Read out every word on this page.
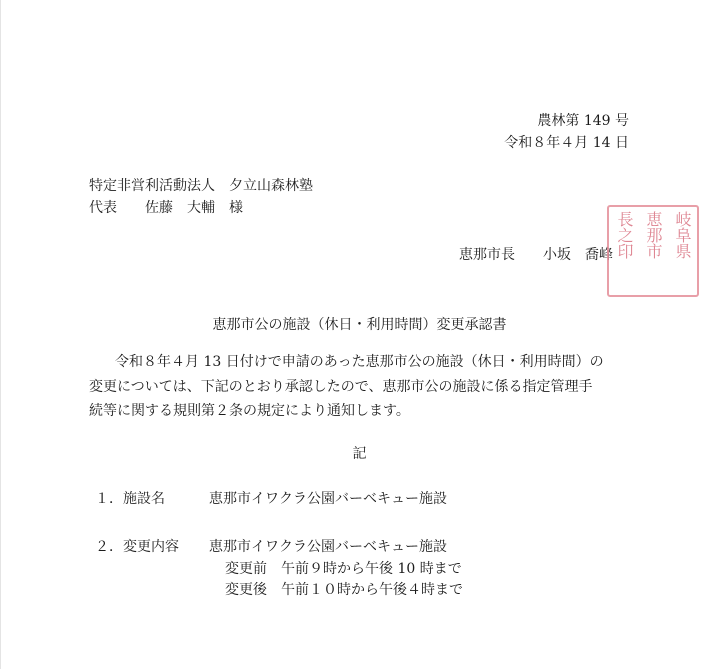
農林第 149 号
令和８年４月 14 日
特定非営利活動法人　夕立山森林塾
代表　　佐藤　大輔　様
恵那市長　　小坂　喬峰	岐阜県
恵那市
長之印
恵那市公の施設（休日・利用時間）変更承認書
令和８年４月 13 日付けで申請のあった恵那市公の施設（休日・利用時間）の
変更については、下記のとおり承認したので、恵那市公の施設に係る指定管理手
続等に関する規則第２条の規定により通知します。
記
１．施設名	恵那市イワクラ公園バーベキュー施設
２．変更内容 恵那市イワクラ公園バーベキュー施設
変更前　午前９時から午後 10 時まで
変更後　午前１０時から午後４時まで
